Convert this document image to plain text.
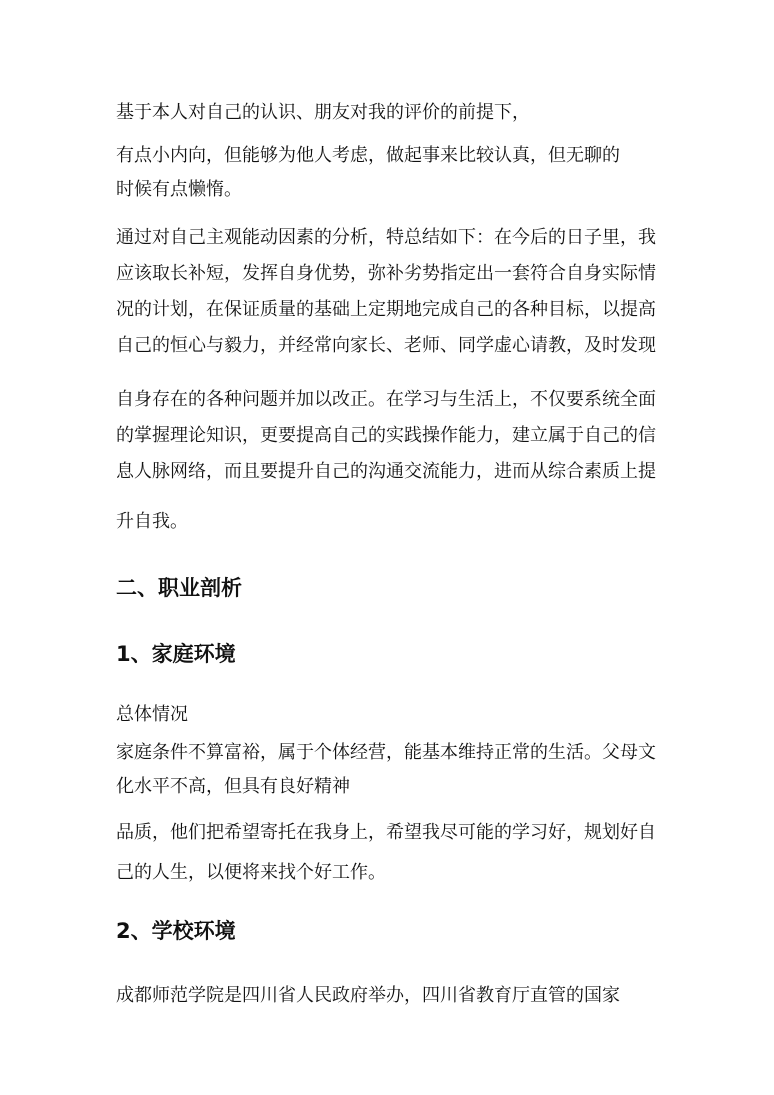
基于本人对自己的认识、朋友对我的评价的前提下，

有点小内向，但能够为他人考虑，做起事来比较认真，但无聊的

时候有点懒惰。

通过对自己主观能动因素的分析，特总结如下：在今后的日子里，我

应该取长补短，发挥自身优势，弥补劣势指定出一套符合自身实际情

况的计划，在保证质量的基础上定期地完成自己的各种目标，以提高

自己的恒心与毅力，并经常向家长、老师、同学虚心请教，及时发现

自身存在的各种问题并加以改正。在学习与生活上，不仅要系统全面

的掌握理论知识，更要提高自己的实践操作能力，建立属于自己的信

息人脉网络，而且要提升自己的沟通交流能力，进而从综合素质上提

升自我。

二、职业剖析
1、家庭环境

总体情况

家庭条件不算富裕，属于个体经营，能基本维持正常的生活。父母文

化水平不高，但具有良好精神

品质，他们把希望寄托在我身上，希望我尽可能的学习好，规划好自

己的人生，以便将来找个好工作。

2、学校环境

成都师范学院是四川省人民政府举办，四川省教育厅直管的国家
